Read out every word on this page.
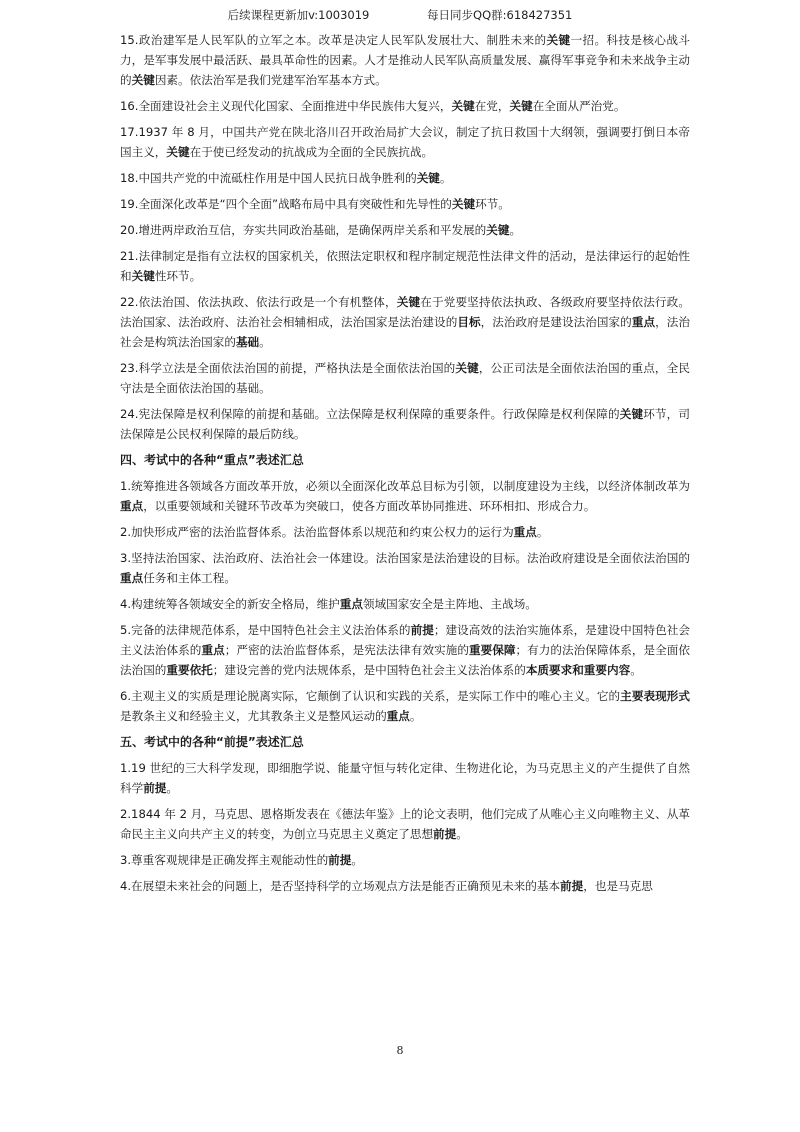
后续课程更新加v:1003019	每日同步QQ群:618427351
15.政治建军是人民军队的立军之本。改革是决定人民军队发展壮大、制胜未来的关键一招。科技是核心战斗力，是军事发展中最活跃、最具革命性的因素。人才是推动人民军队高质量发展、赢得军事竞争和未来战争主动的关键因素。依法治军是我们党建军治军基本方式。
16.全面建设社会主义现代化国家、全面推进中华民族伟大复兴，关键在党，关键在全面从严治党。
17.1937 年 8 月，中国共产党在陕北洛川召开政治局扩大会议，制定了抗日救国十大纲领，强调要打倒日本帝国主义，关键在于使已经发动的抗战成为全面的全民族抗战。
18.中国共产党的中流砥柱作用是中国人民抗日战争胜利的关键。
19.全面深化改革是“四个全面”战略布局中具有突破性和先导性的关键环节。
20.增进两岸政治互信，夯实共同政治基础，是确保两岸关系和平发展的关键。
21.法律制定是指有立法权的国家机关，依照法定职权和程序制定规范性法律文件的活动，是法律运行的起始性和关键性环节。
22.依法治国、依法执政、依法行政是一个有机整体，关键在于党要坚持依法执政、各级政府要坚持依法行政。法治国家、法治政府、法治社会相辅相成，法治国家是法治建设的目标，法治政府是建设法治国家的重点，法治社会是构筑法治国家的基础。
23.科学立法是全面依法治国的前提，严格执法是全面依法治国的关键，公正司法是全面依法治国的重点，全民守法是全面依法治国的基础。
24.宪法保障是权利保障的前提和基础。立法保障是权利保障的重要条件。行政保障是权利保障的关键环节，司法保障是公民权利保障的最后防线。
四、考试中的各种“重点”表述汇总
1.统筹推进各领域各方面改革开放，必须以全面深化改革总目标为引领，以制度建设为主线，以经济体制改革为重点，以重要领域和关键环节改革为突破口，使各方面改革协同推进、环环相扣、形成合力。
2.加快形成严密的法治监督体系。法治监督体系以规范和约束公权力的运行为重点。
3.坚持法治国家、法治政府、法治社会一体建设。法治国家是法治建设的目标。法治政府建设是全面依法治国的重点任务和主体工程。
4.构建统筹各领域安全的新安全格局，维护重点领域国家安全是主阵地、主战场。
5.完备的法律规范体系，是中国特色社会主义法治体系的前提；建设高效的法治实施体系，是建设中国特色社会主义法治体系的重点；严密的法治监督体系，是宪法法律有效实施的重要保障；有力的法治保障体系，是全面依法治国的重要依托；建设完善的党内法规体系，是中国特色社会主义法治体系的本质要求和重要内容。
6.主观主义的实质是理论脱离实际，它颠倒了认识和实践的关系，是实际工作中的唯心主义。它的主要表现形式是教条主义和经验主义，尤其教条主义是整风运动的重点。
五、考试中的各种“前提”表述汇总
1.19 世纪的三大科学发现，即细胞学说、能量守恒与转化定律、生物进化论，为马克思主义的产生提供了自然科学前提。
2.1844 年 2 月，马克思、恩格斯发表在《德法年鉴》上的论文表明，他们完成了从唯心主义向唯物主义、从革命民主主义向共产主义的转变，为创立马克思主义奠定了思想前提。
3.尊重客观规律是正确发挥主观能动性的前提。
4.在展望未来社会的问题上，是否坚持科学的立场观点方法是能否正确预见未来的基本前提，也是马克思
8
